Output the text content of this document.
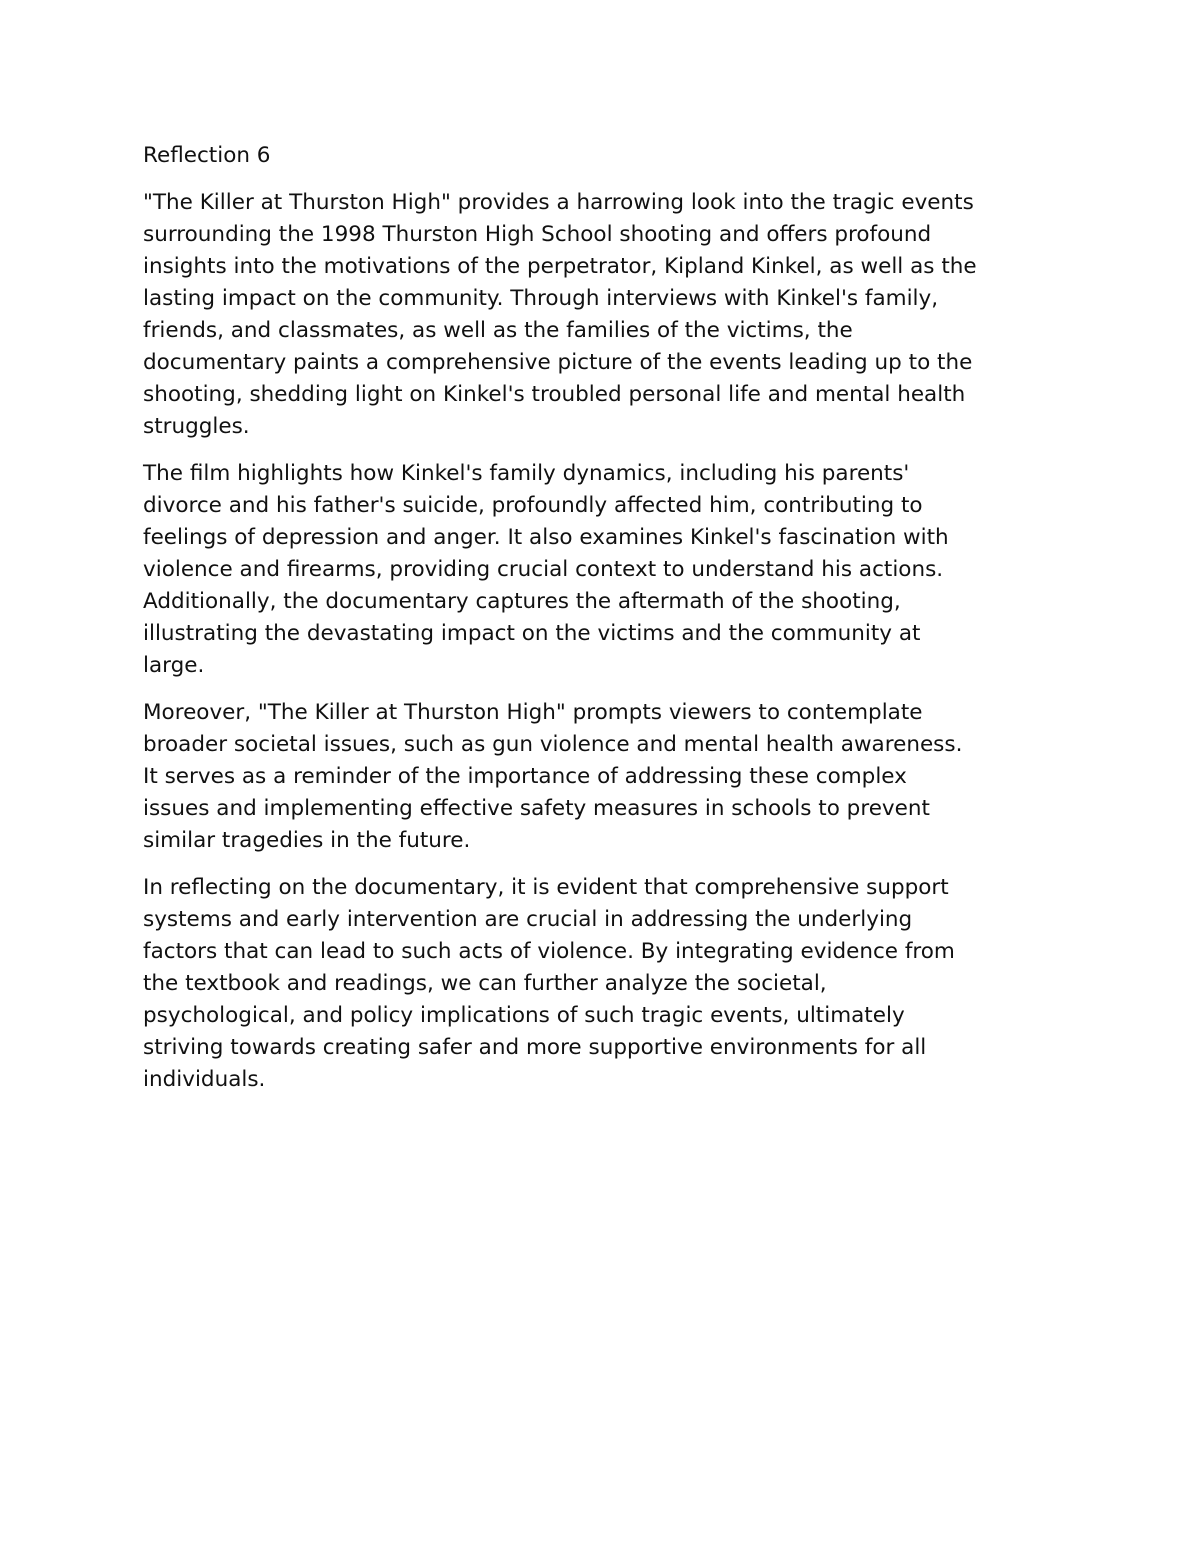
Reflection 6

"The Killer at Thurston High" provides a harrowing look into the tragic events
surrounding the 1998 Thurston High School shooting and offers profound
insights into the motivations of the perpetrator, Kipland Kinkel, as well as the
lasting impact on the community. Through interviews with Kinkel's family,
friends, and classmates, as well as the families of the victims, the
documentary paints a comprehensive picture of the events leading up to the
shooting, shedding light on Kinkel's troubled personal life and mental health
struggles.

The film highlights how Kinkel's family dynamics, including his parents'
divorce and his father's suicide, profoundly affected him, contributing to
feelings of depression and anger. It also examines Kinkel's fascination with
violence and firearms, providing crucial context to understand his actions.
Additionally, the documentary captures the aftermath of the shooting,
illustrating the devastating impact on the victims and the community at
large.

Moreover, "The Killer at Thurston High" prompts viewers to contemplate
broader societal issues, such as gun violence and mental health awareness.
It serves as a reminder of the importance of addressing these complex
issues and implementing effective safety measures in schools to prevent
similar tragedies in the future.

In reflecting on the documentary, it is evident that comprehensive support
systems and early intervention are crucial in addressing the underlying
factors that can lead to such acts of violence. By integrating evidence from
the textbook and readings, we can further analyze the societal,
psychological, and policy implications of such tragic events, ultimately
striving towards creating safer and more supportive environments for all
individuals.
